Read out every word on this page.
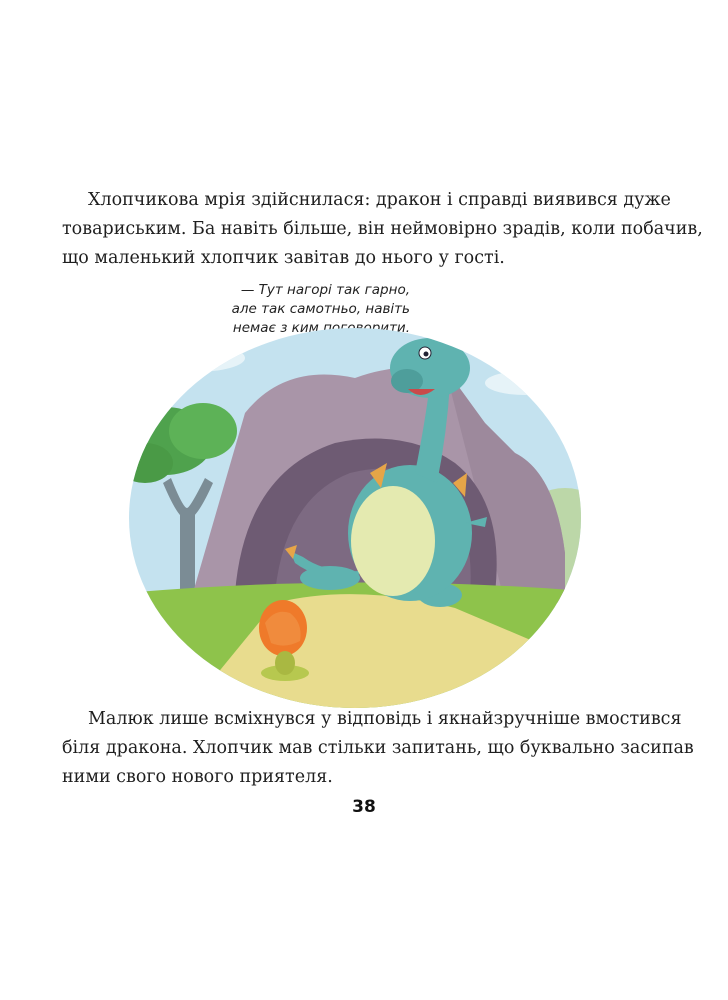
Хлопчикова мрія здійснилася: дракон і справді виявився дуже
товариським. Ба навіть більше, він неймовірно зрадів, коли побачив,
що маленький хлопчик завітав до нього у гості.

— Тут нагорі так гарно,
але так самотньо, навіть
немає з ким поговорити.

Малюк лише всміхнувся у відповідь і якнайзручніше вмостився
біля дракона. Хлопчик мав стільки запитань, що буквально засипав
ними свого нового приятеля.

38
